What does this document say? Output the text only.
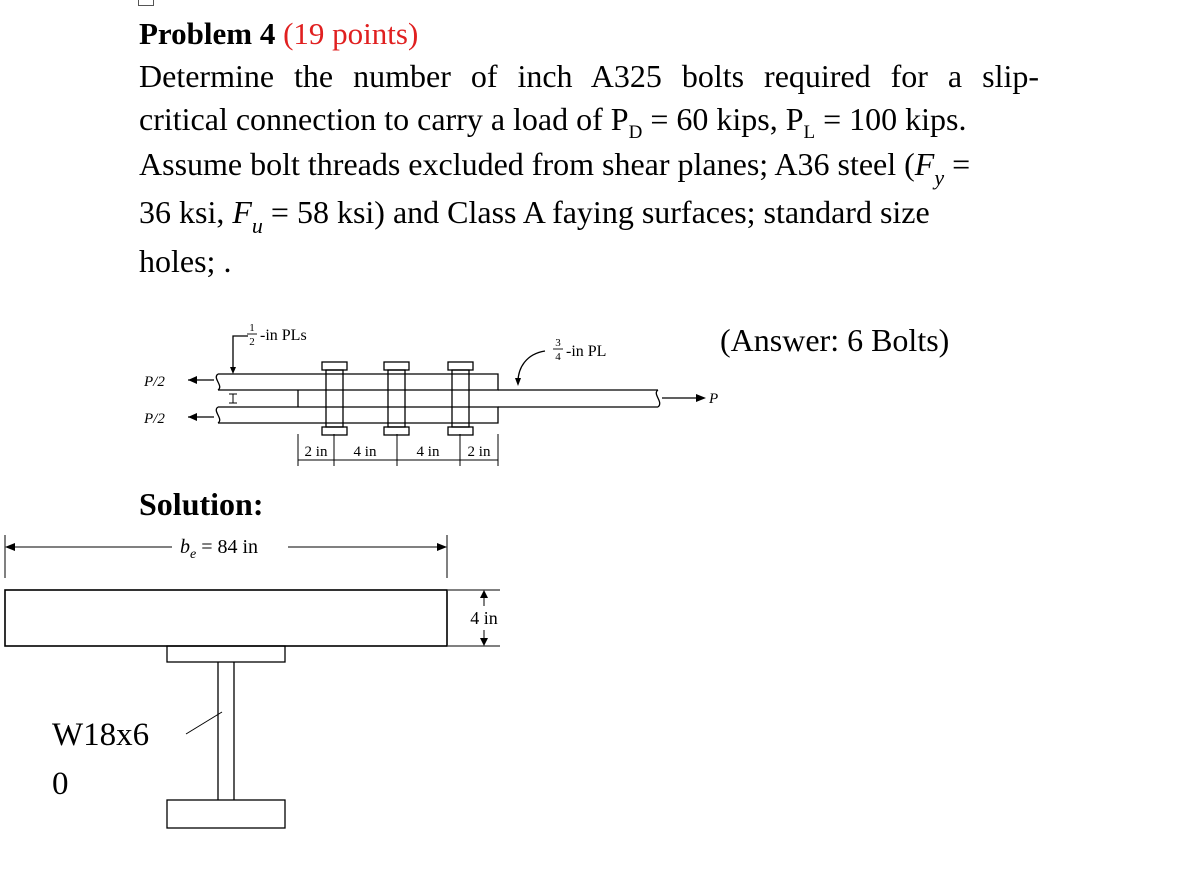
Problem 4 (19 points)
Determine the number of inch A325 bolts required for a slip-
critical connection to carry a load of $P_D = 60$ kips, $P_L = 100$ kips.
Assume bolt threads excluded from shear planes; A36 steel ($F_y$ =
36 ksi, $F_u = 58$ ksi) and Class A faying surfaces; standard size
holes; .
(Answer: 6 Bolts)
1
2 -in PLs	3
4 -in PL
P/2
P/2
P
2 in 4 in	4 in 2 in
Solution:
$b_e = 84$ in
4 in
W18x6
0
